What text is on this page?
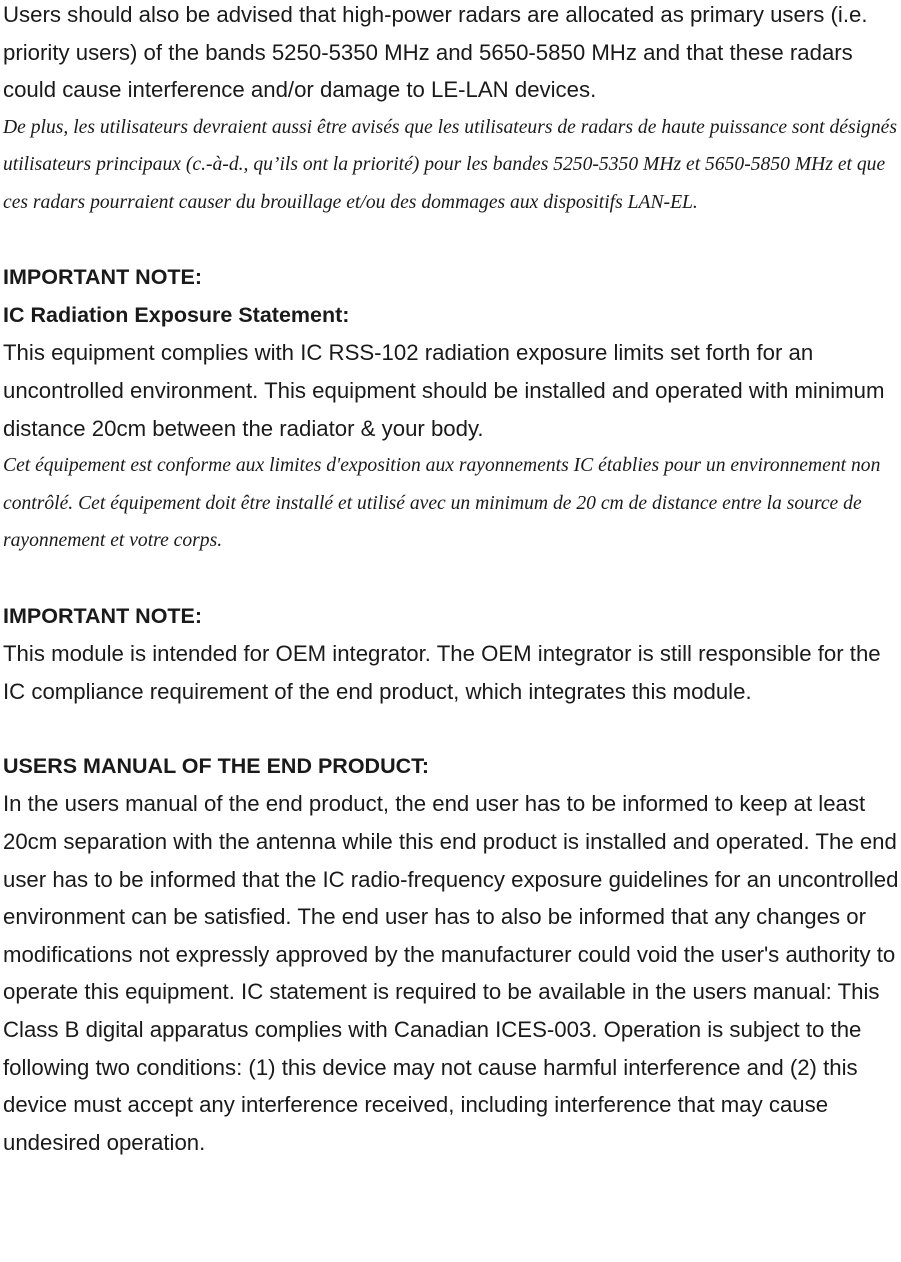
Users should also be advised that high-power radars are allocated as primary users (i.e. priority users) of the bands 5250-5350 MHz and 5650-5850 MHz and that these radars could cause interference and/or damage to LE-LAN devices.

De plus, les utilisateurs devraient aussi être avisés que les utilisateurs de radars de haute puissance sont désignés utilisateurs principaux (c.-à-d., qu’ils ont la priorité) pour les bandes 5250-5350 MHz et 5650-5850 MHz et que ces radars pourraient causer du brouillage et/ou des dommages aux dispositifs LAN-EL.

IMPORTANT NOTE:
IC Radiation Exposure Statement:

This equipment complies with IC RSS-102 radiation exposure limits set forth for an uncontrolled environment. This equipment should be installed and operated with minimum distance 20cm between the radiator & your body.

Cet équipement est conforme aux limites d'exposition aux rayonnements IC établies pour un environnement non contrôlé. Cet équipement doit être installé et utilisé avec un minimum de 20 cm de distance entre la source de rayonnement et votre corps.

IMPORTANT NOTE:

This module is intended for OEM integrator. The OEM integrator is still responsible for the IC compliance requirement of the end product, which integrates this module.

USERS MANUAL OF THE END PRODUCT:

In the users manual of the end product, the end user has to be informed to keep at least 20cm separation with the antenna while this end product is installed and operated. The end user has to be informed that the IC radio-frequency exposure guidelines for an uncontrolled environment can be satisfied. The end user has to also be informed that any changes or modifications not expressly approved by the manufacturer could void the user's authority to operate this equipment. IC statement is required to be available in the users manual: This Class B digital apparatus complies with Canadian ICES-003. Operation is subject to the following two conditions: (1) this device may not cause harmful interference and (2) this device must accept any interference received, including interference that may cause undesired operation.
